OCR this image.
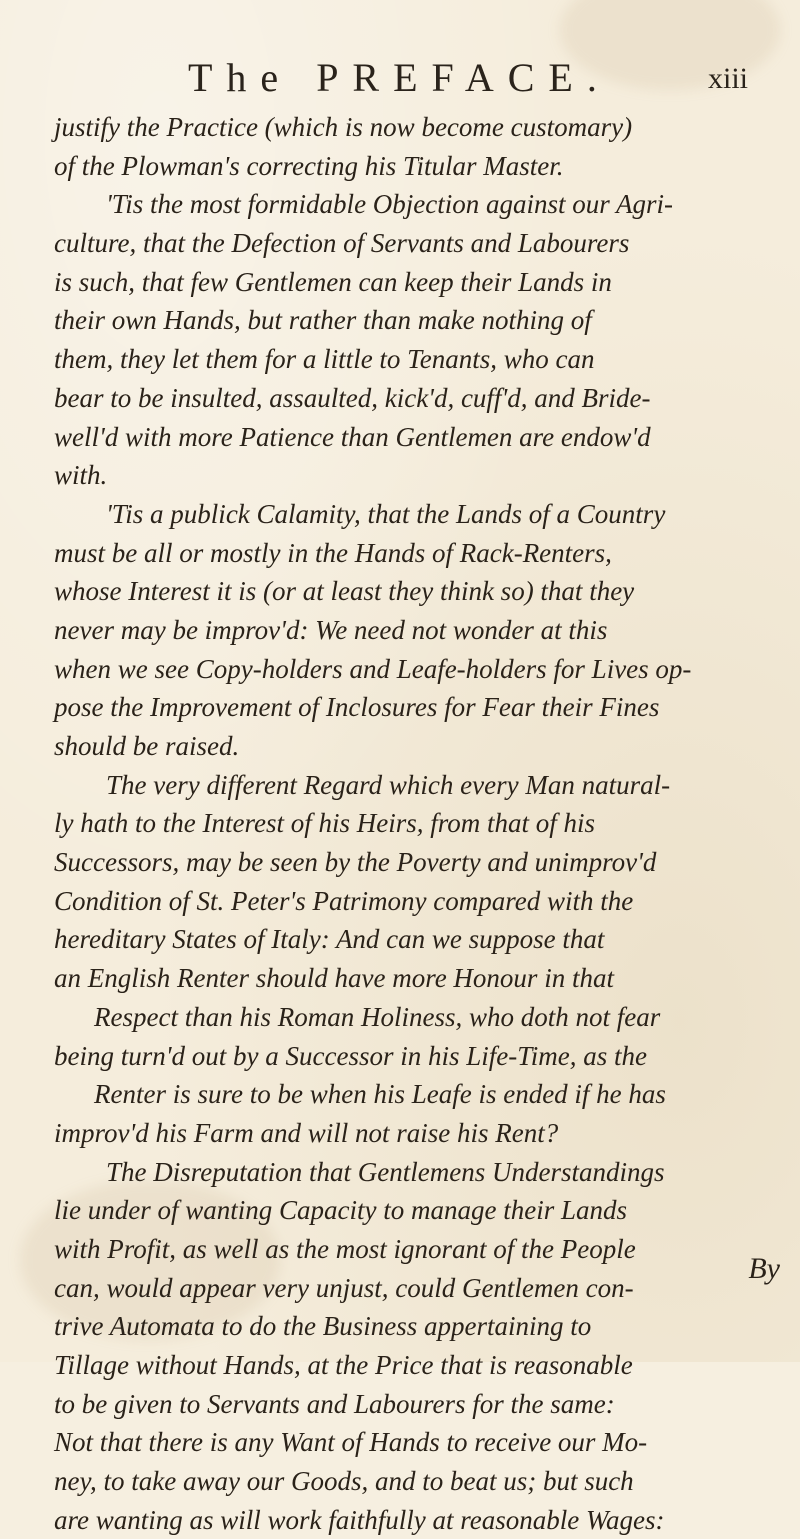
The PREFACE.	xiii
justify the Practice (which is now become customary)
of the Plowman's correcting his Titular Master.
'Tis the most formidable Objection against our Agri-
culture, that the Defection of Servants and Labourers
is such, that few Gentlemen can keep their Lands in
their own Hands, but rather than make nothing of
them, they let them for a little to Tenants, who can
bear to be insulted, assaulted, kick'd, cuff'd, and Bride-
well'd with more Patience than Gentlemen are endow'd
with.
'Tis a publick Calamity, that the Lands of a Country
must be all or mostly in the Hands of Rack-Renters,
whose Interest it is (or at least they think so) that they
never may be improv'd: We need not wonder at this
when we see Copy-holders and Leafe-holders for Lives op-
pose the Improvement of Inclosures for Fear their Fines
should be raised.
The very different Regard which every Man natural-
ly hath to the Interest of his Heirs, from that of his
Successors, may be seen by the Poverty and unimprov'd
Condition of St. Peter's Patrimony compared with the
hereditary States of Italy: And can we suppose that
an English Renter should have more Honour in that
Respect than his Roman Holiness, who doth not fear
being turn'd out by a Successor in his Life-Time, as the
Renter is sure to be when his Leafe is ended if he has
improv'd his Farm and will not raise his Rent?
The Disreputation that Gentlemens Understandings
lie under of wanting Capacity to manage their Lands
with Profit, as well as the most ignorant of the People
can, would appear very unjust, could Gentlemen con-
trive Automata to do the Business appertaining to
Tillage without Hands, at the Price that is reasonable
to be given to Servants and Labourers for the same:
Not that there is any Want of Hands to receive our Mo-
ney, to take away our Goods, and to beat us; but such
are wanting as will work faithfully at reasonable Wages:
By
